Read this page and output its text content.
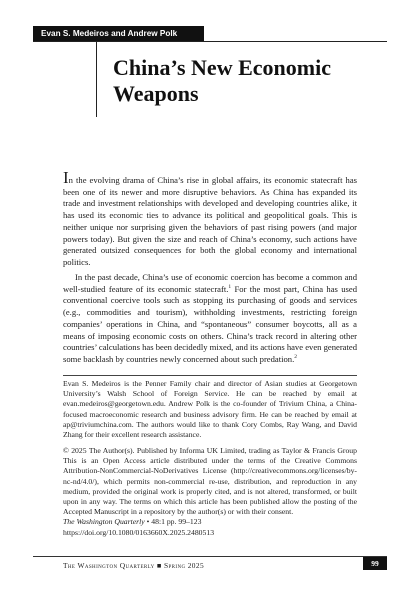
Evan S. Medeiros and Andrew Polk
China’s New Economic Weapons

In the evolving drama of China’s rise in global affairs, its economic statecraft has been one of its newer and more disruptive behaviors. As China has expanded its trade and investment relationships with developed and developing countries alike, it has used its economic ties to advance its political and geopolitical goals. This is neither unique nor surprising given the behaviors of past rising powers (and major powers today). But given the size and reach of China’s economy, such actions have generated outsized consequences for both the global economy and international politics.

In the past decade, China’s use of economic coercion has become a common and well-studied feature of its economic statecraft.$^1$ For the most part, China has used conventional coercive tools such as stopping its purchasing of goods and services (e.g., commodities and tourism), withholding investments, restricting foreign companies’ operations in China, and “spontaneous” consumer boycotts, all as a means of imposing economic costs on others. China’s track record in altering other countries’ calculations has been decidedly mixed, and its actions have even generated some backlash by countries newly concerned about such predation.$^2$

Evan S. Medeiros is the Penner Family chair and director of Asian studies at Georgetown University’s Walsh School of Foreign Service. He can be reached by email at evan.medeiros@georgetown.edu. Andrew Polk is the co-founder of Trivium China, a China-focused macroeconomic research and business advisory firm. He can be reached by email at ap@triviumchina.com. The authors would like to thank Cory Combs, Ray Wang, and David Zhang for their excellent research assistance.

© 2025 The Author(s). Published by Informa UK Limited, trading as Taylor & Francis Group This is an Open Access article distributed under the terms of the Creative Commons Attribution-NonCommercial-NoDerivatives License (http://creativecommons.org/licenses/by-nc-nd/4.0/), which permits non-commercial re-use, distribution, and reproduction in any medium, provided the original work is properly cited, and is not altered, transformed, or built upon in any way. The terms on which this article has been published allow the posting of the Accepted Manuscript in a repository by the author(s) or with their consent.
The Washington Quarterly • 48:1 pp. 99–123
https://doi.org/10.1080/0163660X.2025.2480513
The Washington Quarterly ■ Spring 2025	99
